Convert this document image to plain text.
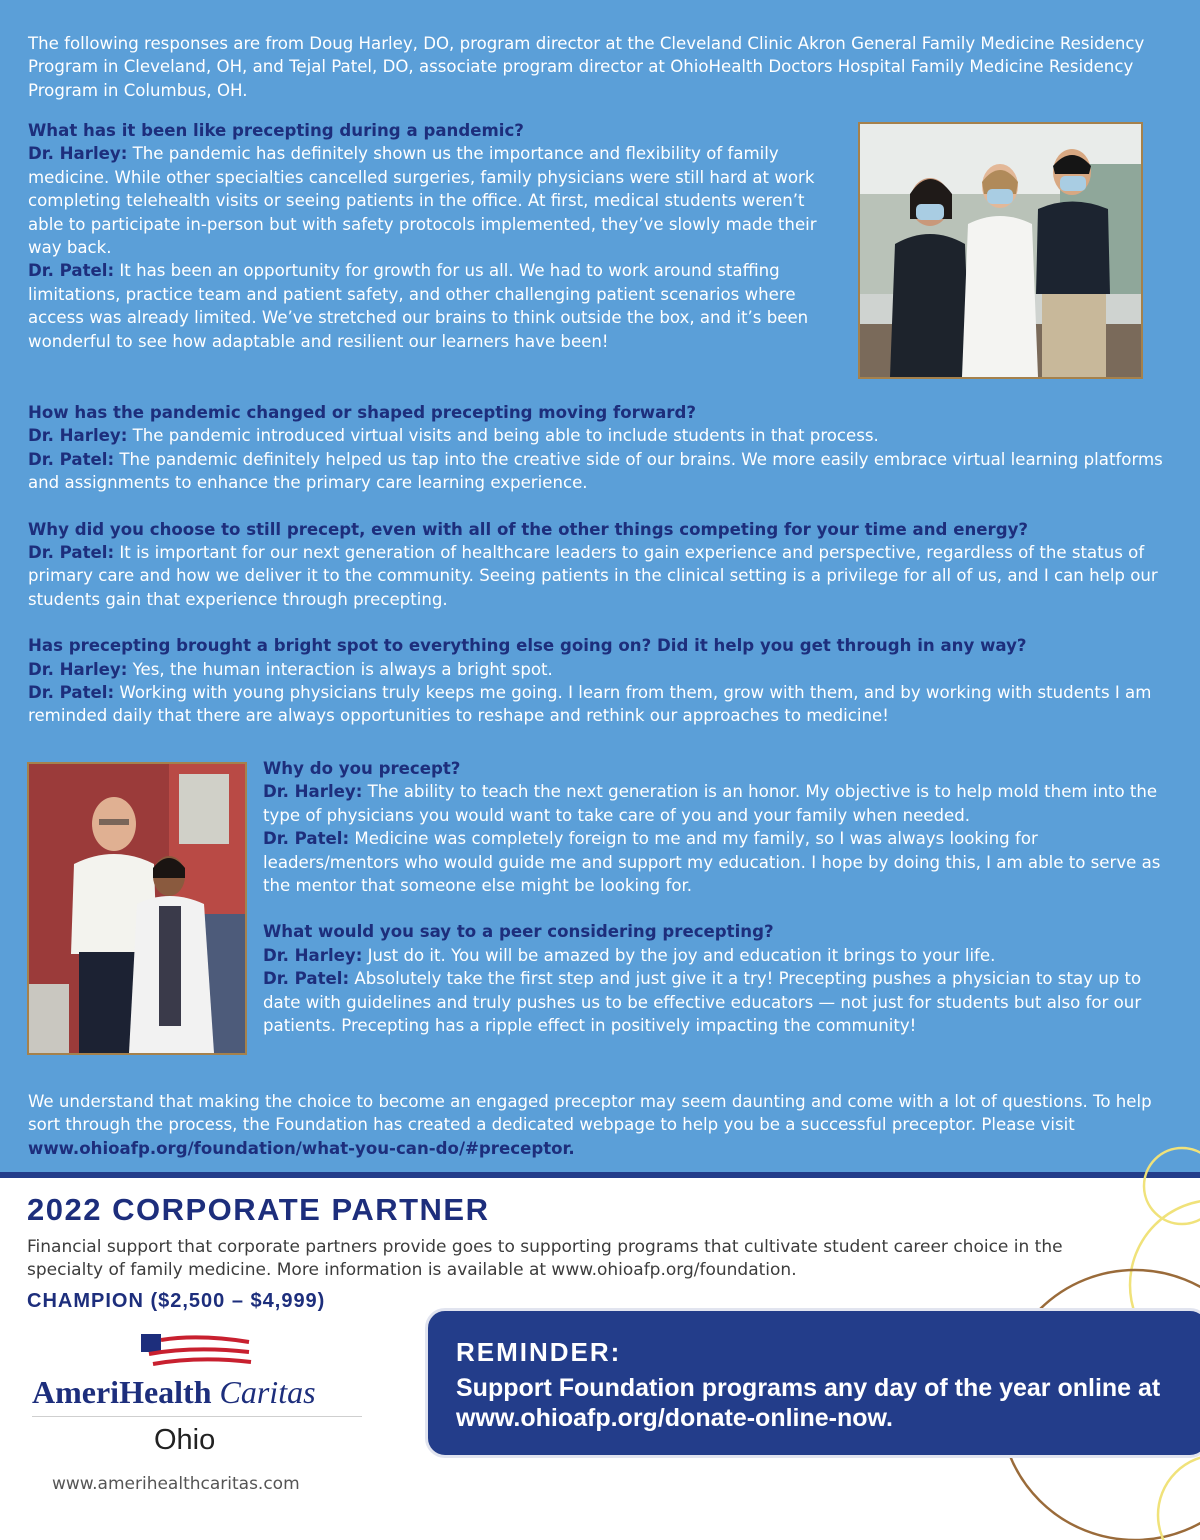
The following responses are from Doug Harley, DO, program director at the Cleveland Clinic Akron General Family Medicine Residency Program in Cleveland, OH, and Tejal Patel, DO, associate program director at OhioHealth Doctors Hospital Family Medicine Residency Program in Columbus, OH.

What has it been like precepting during a pandemic?

Dr. Harley: The pandemic has definitely shown us the importance and flexibility of family medicine. While other specialties cancelled surgeries, family physicians were still hard at work completing telehealth visits or seeing patients in the office. At first, medical students weren’t able to participate in-person but with safety protocols implemented, they’ve slowly made their way back.

Dr. Patel: It has been an opportunity for growth for us all. We had to work around staffing limitations, practice team and patient safety, and other challenging patient scenarios where access was already limited. We’ve stretched our brains to think outside the box, and it’s been wonderful to see how adaptable and resilient our learners have been!

How has the pandemic changed or shaped precepting moving forward?

Dr. Harley: The pandemic introduced virtual visits and being able to include students in that process.

Dr. Patel: The pandemic definitely helped us tap into the creative side of our brains. We more easily embrace virtual learning platforms and assignments to enhance the primary care learning experience.

Why did you choose to still precept, even with all of the other things competing for your time and energy?

Dr. Patel: It is important for our next generation of healthcare leaders to gain experience and perspective, regardless of the status of primary care and how we deliver it to the community. Seeing patients in the clinical setting is a privilege for all of us, and I can help our students gain that experience through precepting.

Has precepting brought a bright spot to everything else going on? Did it help you get through in any way?

Dr. Harley: Yes, the human interaction is always a bright spot.

Dr. Patel: Working with young physicians truly keeps me going. I learn from them, grow with them, and by working with students I am reminded daily that there are always opportunities to reshape and rethink our approaches to medicine!

Why do you precept?

Dr. Harley: The ability to teach the next generation is an honor. My objective is to help mold them into the type of physicians you would want to take care of you and your family when needed.

Dr. Patel: Medicine was completely foreign to me and my family, so I was always looking for leaders/mentors who would guide me and support my education. I hope by doing this, I am able to serve as the mentor that someone else might be looking for.

What would you say to a peer considering precepting?

Dr. Harley: Just do it. You will be amazed by the joy and education it brings to your life.

Dr. Patel: Absolutely take the first step and just give it a try! Precepting pushes a physician to stay up to date with guidelines and truly pushes us to be effective educators — not just for students but also for our patients. Precepting has a ripple effect in positively impacting the community!

We understand that making the choice to become an engaged preceptor may seem daunting and come with a lot of questions. To help sort through the process, the Foundation has created a dedicated webpage to help you be a successful preceptor. Please visit www.ohioafp.org/foundation/what-you-can-do/#preceptor.

2022 CORPORATE PARTNER
Financial support that corporate partners provide goes to supporting programs that cultivate student career choice in the specialty of family medicine. More information is available at www.ohioafp.org/foundation.
CHAMPION ($2,500 – $4,999)
AmeriHealth Caritas
Ohio
www.amerihealthcaritas.com
REMINDER:
Support Foundation programs any day of the year online at www.ohioafp.org/donate-online-now.
